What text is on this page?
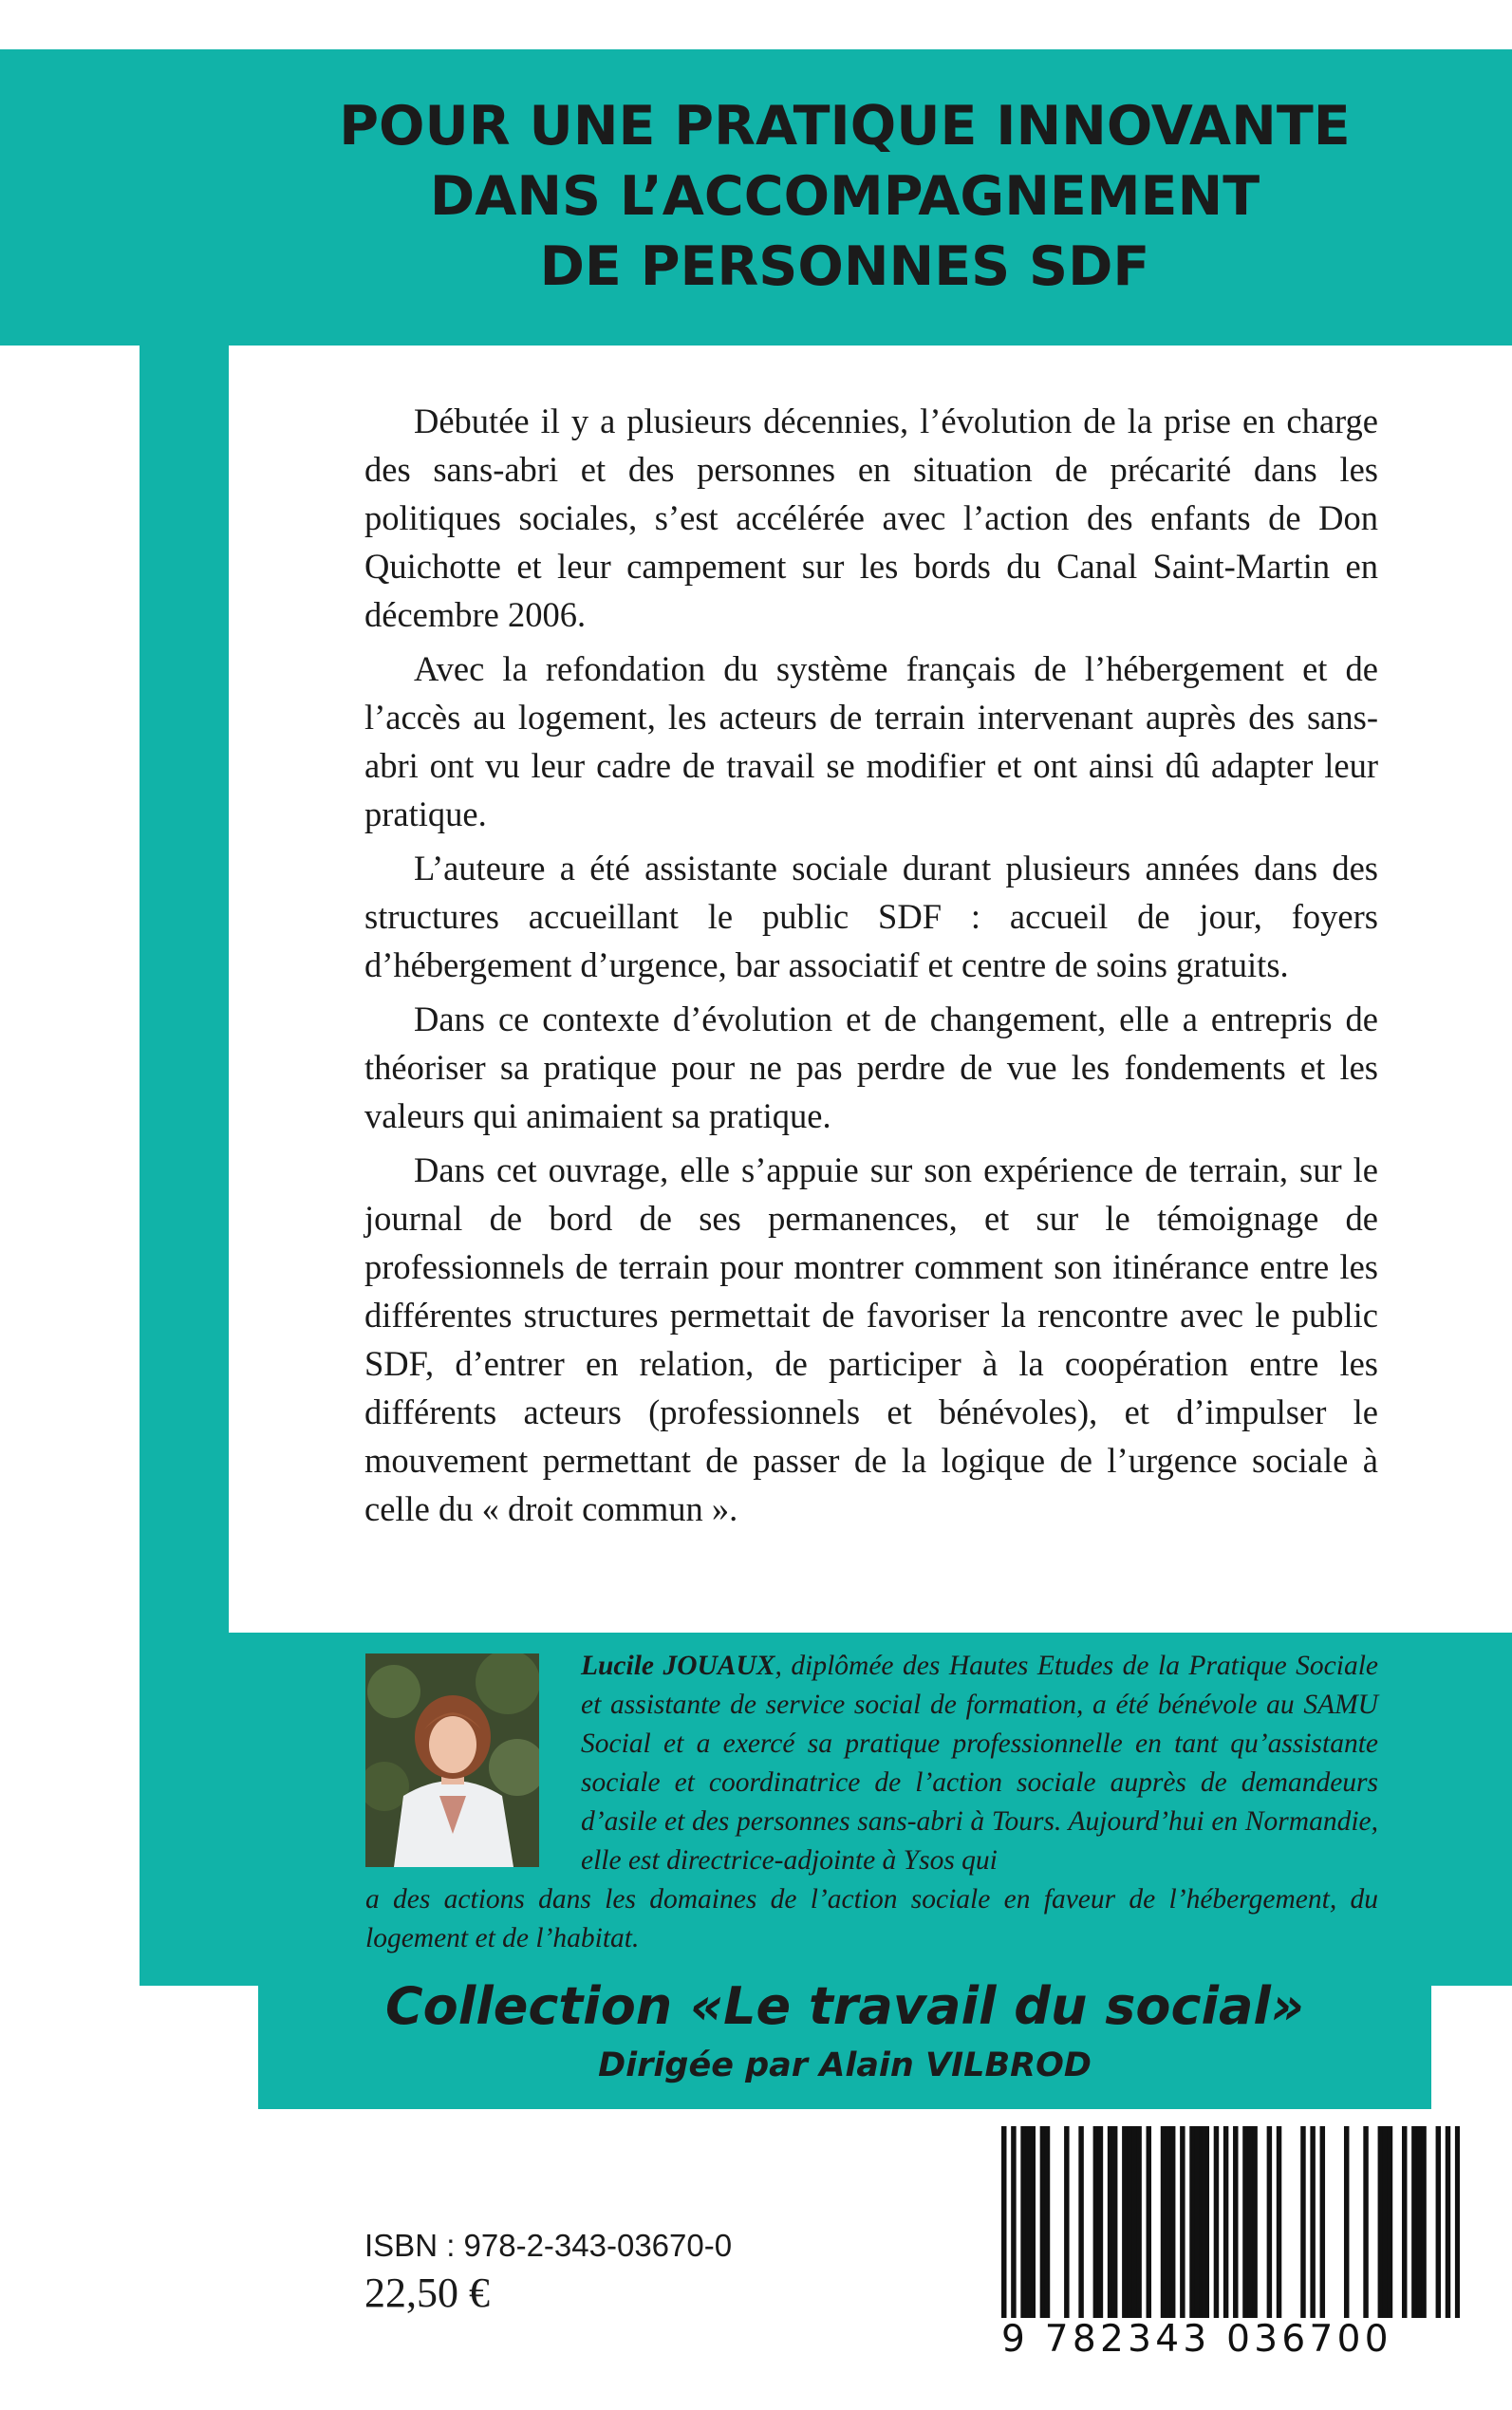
POUR UNE PRATIQUE INNOVANTE
DANS L’ACCOMPAGNEMENT
DE PERSONNES SDF

Débutée il y a plusieurs décennies, l’évolution de la prise en charge des sans-abri et des personnes en situation de précarité dans les politiques sociales, s’est accélérée avec l’action des enfants de Don Quichotte et leur campement sur les bords du Canal Saint-Martin en décembre 2006.

Avec la refondation du système français de l’hébergement et de l’accès au logement, les acteurs de terrain intervenant auprès des sans-abri ont vu leur cadre de travail se modifier et ont ainsi dû adapter leur pratique.

L’auteure a été assistante sociale durant plusieurs années dans des structures accueillant le public SDF : accueil de jour, foyers d’hébergement d’urgence, bar associatif et centre de soins gratuits.

Dans ce contexte d’évolution et de changement, elle a entrepris de théoriser sa pratique pour ne pas perdre de vue les fondements et les valeurs qui animaient sa pratique.

Dans cet ouvrage, elle s’appuie sur son expérience de terrain, sur le journal de bord de ses permanences, et sur le témoignage de professionnels de terrain pour montrer comment son itinérance entre les différentes structures permettait de favoriser la rencontre avec le public SDF, d’entrer en relation, de participer à la coopération entre les différents acteurs (professionnels et bénévoles), et d’impulser le mouvement permettant de passer de la logique de l’urgence sociale à celle du « droit commun ».

Lucile JOUAUX, diplômée des Hautes Etudes de la Pratique Sociale et assistante de service social de formation, a été bénévole au SAMU Social et a exercé sa pratique professionnelle en tant qu’assistante sociale et coordinatrice de l’action sociale auprès de demandeurs d’asile et des personnes sans-abri à Tours. Aujourd’hui en Normandie, elle est directrice-adjointe à Ysos qui

a des actions dans les domaines de l’action sociale en faveur de l’hébergement, du logement et de l’habitat.

Collection «Le travail du social»
Dirigée par Alain VILBROD
9 782343 036700
ISBN : 978-2-343-03670-0
22,50 €
